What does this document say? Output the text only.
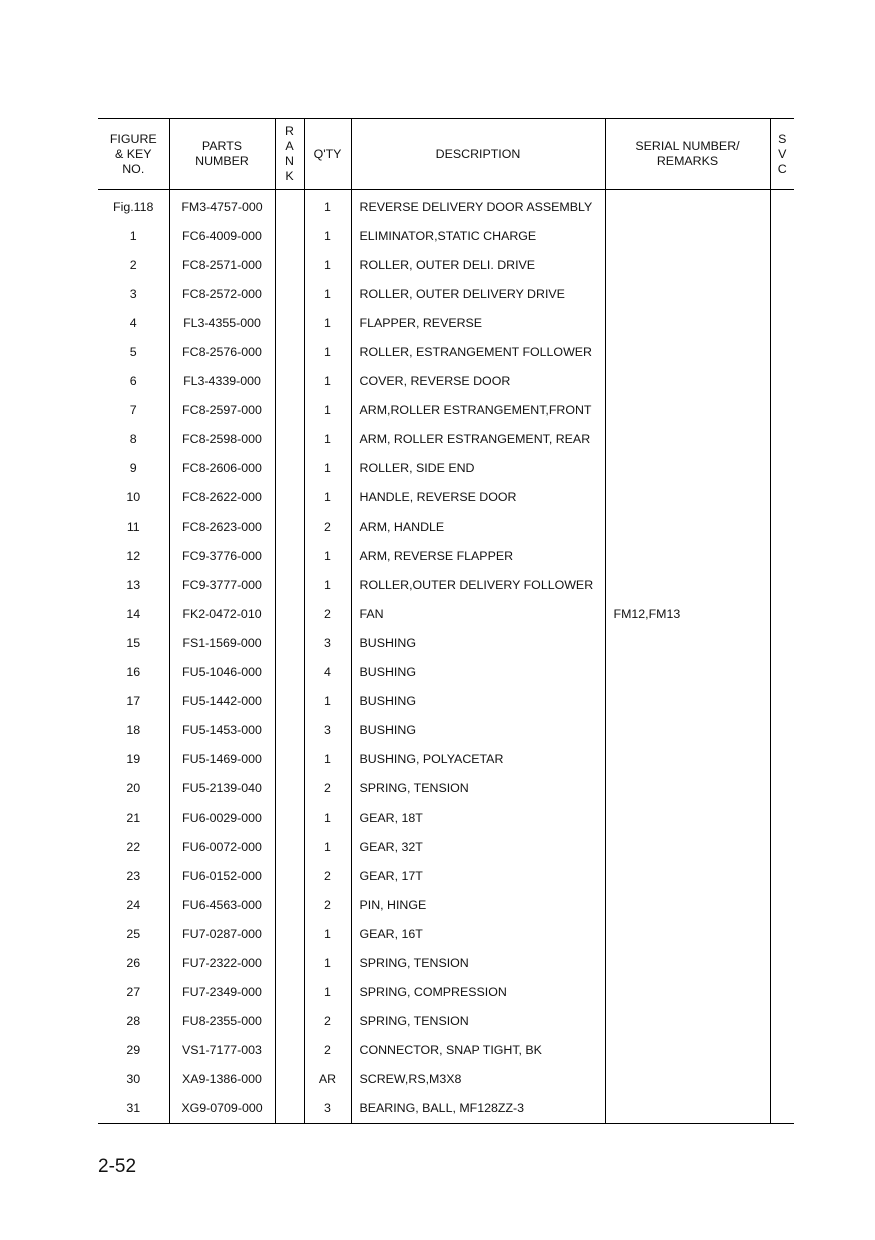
FIGURE
& KEY
NO.	PARTS
NUMBER	R
A
N
K	Q'TY	DESCRIPTION	SERIAL NUMBER/
REMARKS	S
V
C

Fig.118	FM3-4757-000		1	REVERSE DELIVERY DOOR ASSEMBLY		
1	FC6-4009-000		1	ELIMINATOR,STATIC CHARGE		
2	FC8-2571-000		1	ROLLER, OUTER DELI. DRIVE		
3	FC8-2572-000		1	ROLLER, OUTER DELIVERY DRIVE		
4	FL3-4355-000		1	FLAPPER, REVERSE		
5	FC8-2576-000		1	ROLLER, ESTRANGEMENT FOLLOWER		
6	FL3-4339-000		1	COVER, REVERSE DOOR		
7	FC8-2597-000		1	ARM,ROLLER ESTRANGEMENT,FRONT		
8	FC8-2598-000		1	ARM, ROLLER ESTRANGEMENT, REAR		
9	FC8-2606-000		1	ROLLER, SIDE END		
10	FC8-2622-000		1	HANDLE, REVERSE DOOR		
11	FC8-2623-000		2	ARM, HANDLE		
12	FC9-3776-000		1	ARM, REVERSE FLAPPER		
13	FC9-3777-000		1	ROLLER,OUTER DELIVERY FOLLOWER		
14	FK2-0472-010		2	FAN	FM12,FM13	
15	FS1-1569-000		3	BUSHING		
16	FU5-1046-000		4	BUSHING		
17	FU5-1442-000		1	BUSHING		
18	FU5-1453-000		3	BUSHING		
19	FU5-1469-000		1	BUSHING, POLYACETAR		
20	FU5-2139-040		2	SPRING, TENSION		
21	FU6-0029-000		1	GEAR, 18T		
22	FU6-0072-000		1	GEAR, 32T		
23	FU6-0152-000		2	GEAR, 17T		
24	FU6-4563-000		2	PIN, HINGE		
25	FU7-0287-000		1	GEAR, 16T		
26	FU7-2322-000		1	SPRING, TENSION		
27	FU7-2349-000		1	SPRING, COMPRESSION		
28	FU8-2355-000		2	SPRING, TENSION		
29	VS1-7177-003		2	CONNECTOR, SNAP TIGHT, BK		
30	XA9-1386-000		AR	SCREW,RS,M3X8		
31	XG9-0709-000		3	BEARING, BALL, MF128ZZ-3		
2-52
